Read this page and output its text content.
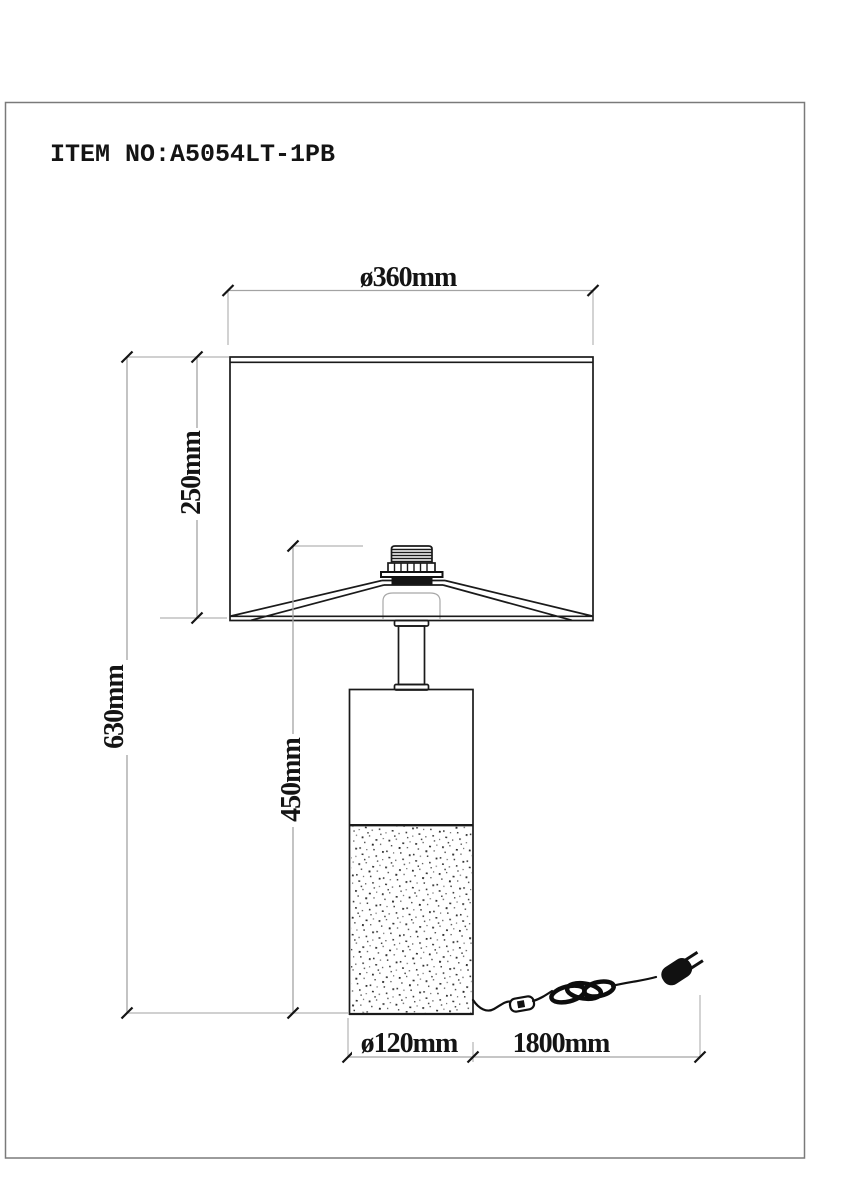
ITEM NO:A5054LT-1PB
ø360mm
250mm
630mm
450mm
ø120mm 1800mm
